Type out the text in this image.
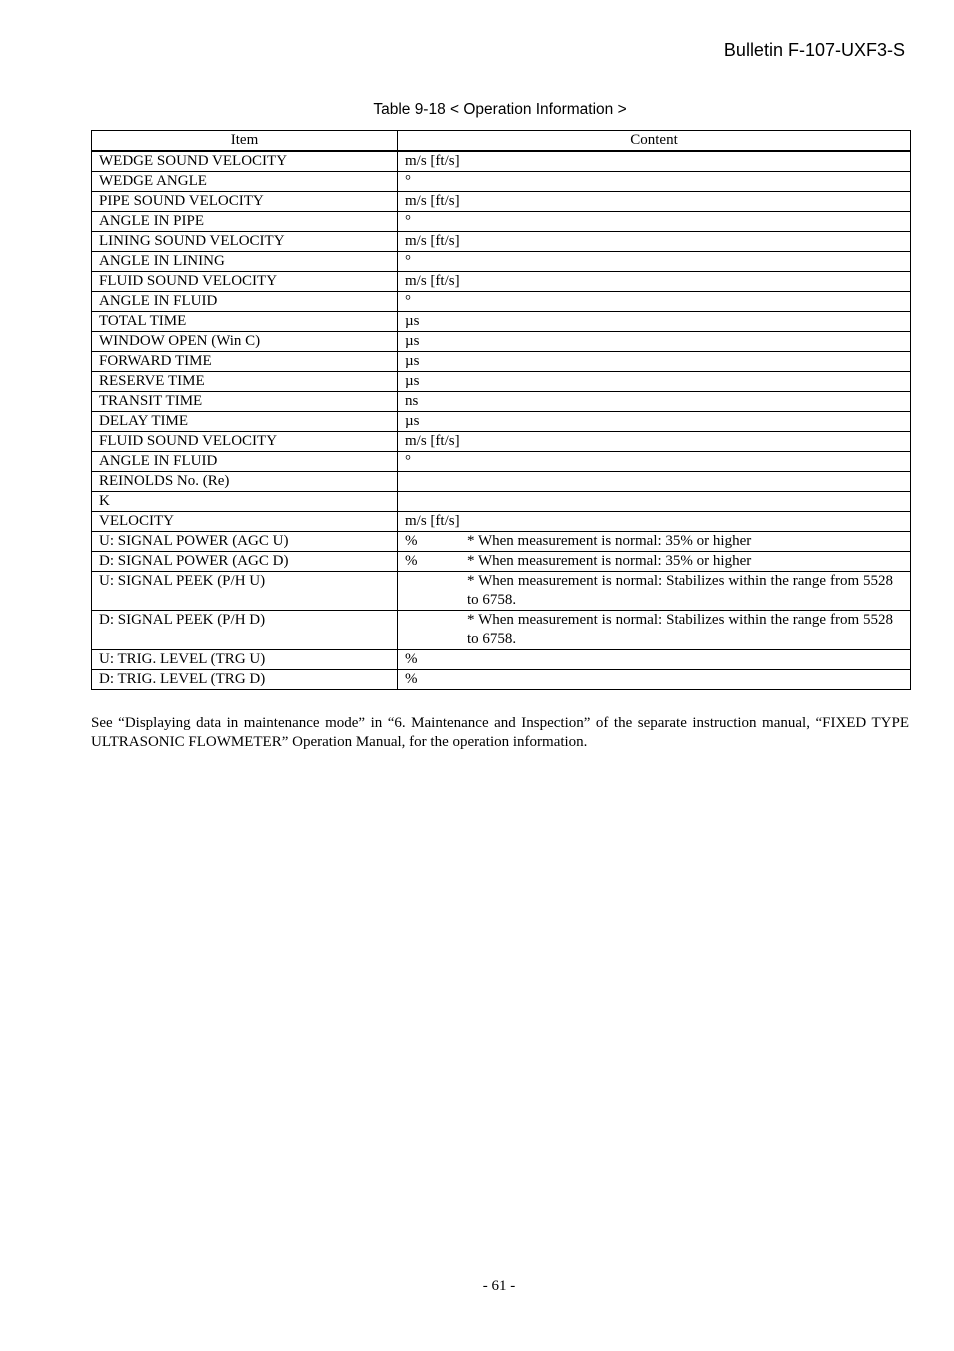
Bulletin F-107-UXF3-S
Table 9-18 < Operation Information >
Item	Content
WEDGE SOUND VELOCITY	m/s [ft/s]
WEDGE ANGLE	°
PIPE SOUND VELOCITY	m/s [ft/s]
ANGLE IN PIPE	°
LINING SOUND VELOCITY	m/s [ft/s]
ANGLE IN LINING	°
FLUID SOUND VELOCITY	m/s [ft/s]
ANGLE IN FLUID	°
TOTAL TIME	µs
WINDOW OPEN (Win C)	µs
FORWARD TIME	µs
RESERVE TIME	µs
TRANSIT TIME	ns
DELAY TIME	µs
FLUID SOUND VELOCITY	m/s [ft/s]
ANGLE IN FLUID	°
REINOLDS No. (Re)	
K	
VELOCITY	m/s [ft/s]
U: SIGNAL POWER (AGC U)	% * When measurement is normal: 35% or higher
D: SIGNAL POWER (AGC D)	% * When measurement is normal: 35% or higher
U: SIGNAL PEEK (P/H U)	* When measurement is normal: Stabilizes within the range from 5528 to 6758.
D: SIGNAL PEEK (P/H D)	* When measurement is normal: Stabilizes within the range from 5528 to 6758.
U: TRIG. LEVEL (TRG U)	%
D: TRIG. LEVEL (TRG D)	%
See “Displaying data in maintenance mode” in “6. Maintenance and Inspection” of the separate instruction manual, “FIXED TYPE ULTRASONIC FLOWMETER” Operation Manual, for the operation information.
- 61 -
